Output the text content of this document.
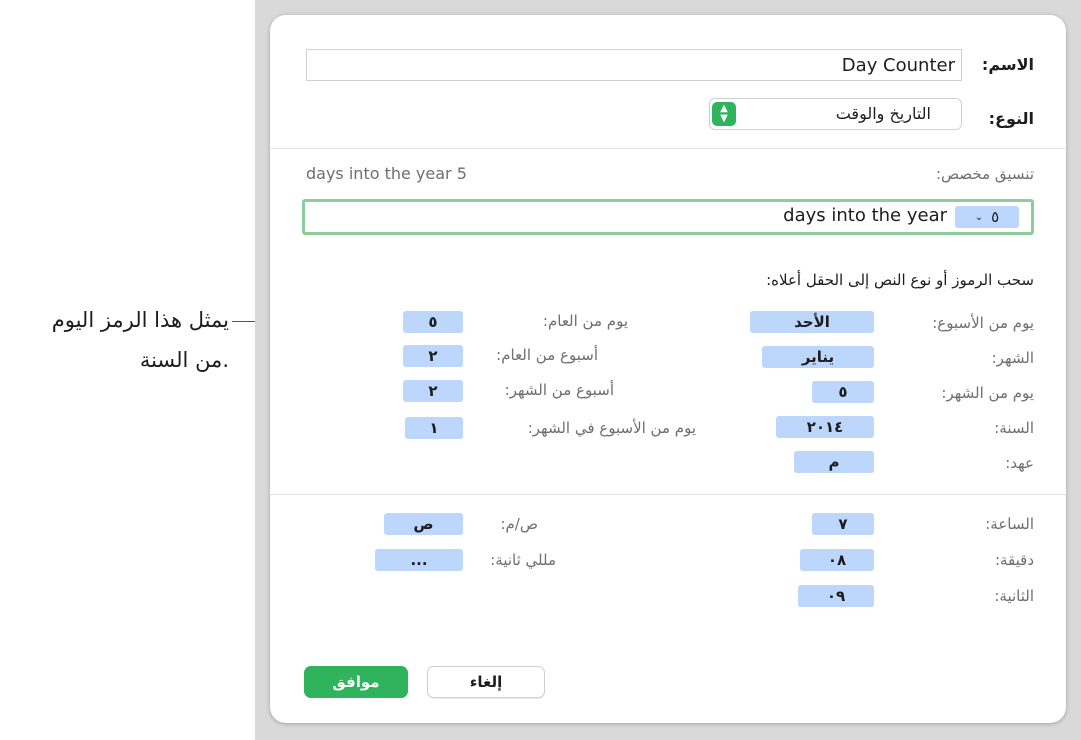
يمثل هذا الرمز اليوم
من السنة.
الاسم:
Day Counter
النوع:
▲
▼	التاريخ والوقت
تنسيق مخصص:
days into the year 5
⌄ ٥
days into the year
سحب الرموز أو نوع النص إلى الحقل أعلاه:
يوم من الأسبوع:
الأحد
الشهر:
يناير
يوم من الشهر:
٥
السنة:
٢٠١٤
عهد:
م
يوم من العام:
٥
أسبوع من العام:
٢
أسبوع من الشهر:
٢
يوم من الأسبوع في الشهر:
١
الساعة:
٧
دقيقة:
٠٨
الثانية:
٠٩
ص/م:
ص
مللي ثانية:
...
إلغاء
موافق
